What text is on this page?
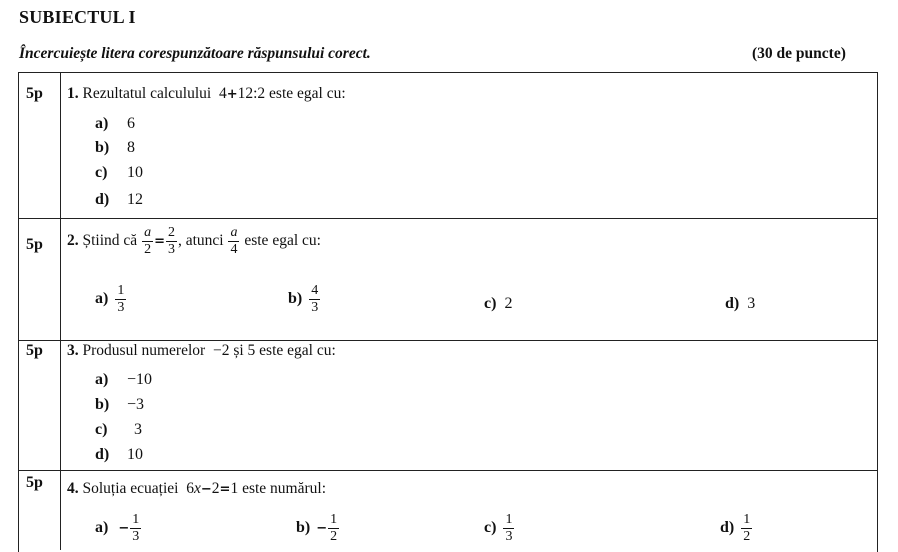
SUBIECTUL I
Încercuiește litera corespunzătoare răspunsului corect.	(30 de puncte)
5p 1. Rezultatul calculului 4+12:2 este egal cu:
a) 6
b) 8
c) 10
d) 12
5p 2. Știind că $\frac{a}{2} = \frac{2}{3}$ , atunci $\frac{a}{4}$ este egal cu:
$a) \frac{1}{3}$	$b) \frac{4}{3}$	c) 2	d) 3
5p 3. Produsul numerelor −2 și 5 este egal cu:
a) −10
b) −3
c) 3
d) 10
5p 4. Soluția ecuației 6x−2=1 este numărul:
$a) - \frac{1}{3}$	$b) - \frac{1}{2}$	$c) \frac{1}{3}$	$d) \frac{1}{2}$
